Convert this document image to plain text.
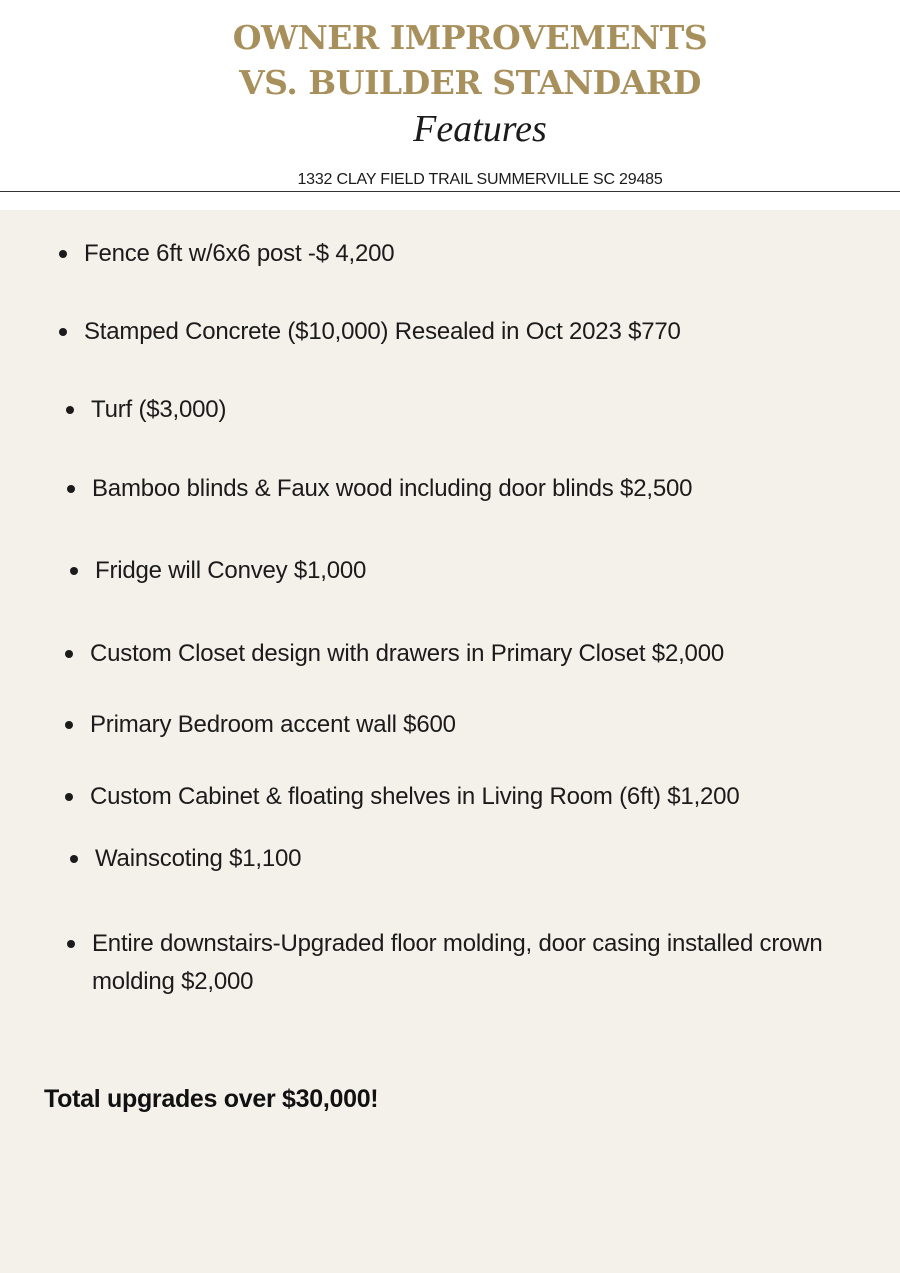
OWNER IMPROVEMENTS
VS. BUILDER STANDARD
Features
1332 CLAY FIELD TRAIL SUMMERVILLE SC 29485
Fence 6ft w/6x6 post -$ 4,200
Stamped Concrete ($10,000) Resealed in Oct 2023 $770
Turf ($3,000)
Bamboo blinds & Faux wood including door blinds $2,500
Fridge will Convey $1,000
Custom Closet design with drawers in Primary Closet $2,000
Primary Bedroom accent wall $600
Custom Cabinet & floating shelves in Living Room (6ft) $1,200
Wainscoting $1,100
Entire downstairs-Upgraded floor molding, door casing installed crown molding $2,000
Total upgrades over $30,000!
